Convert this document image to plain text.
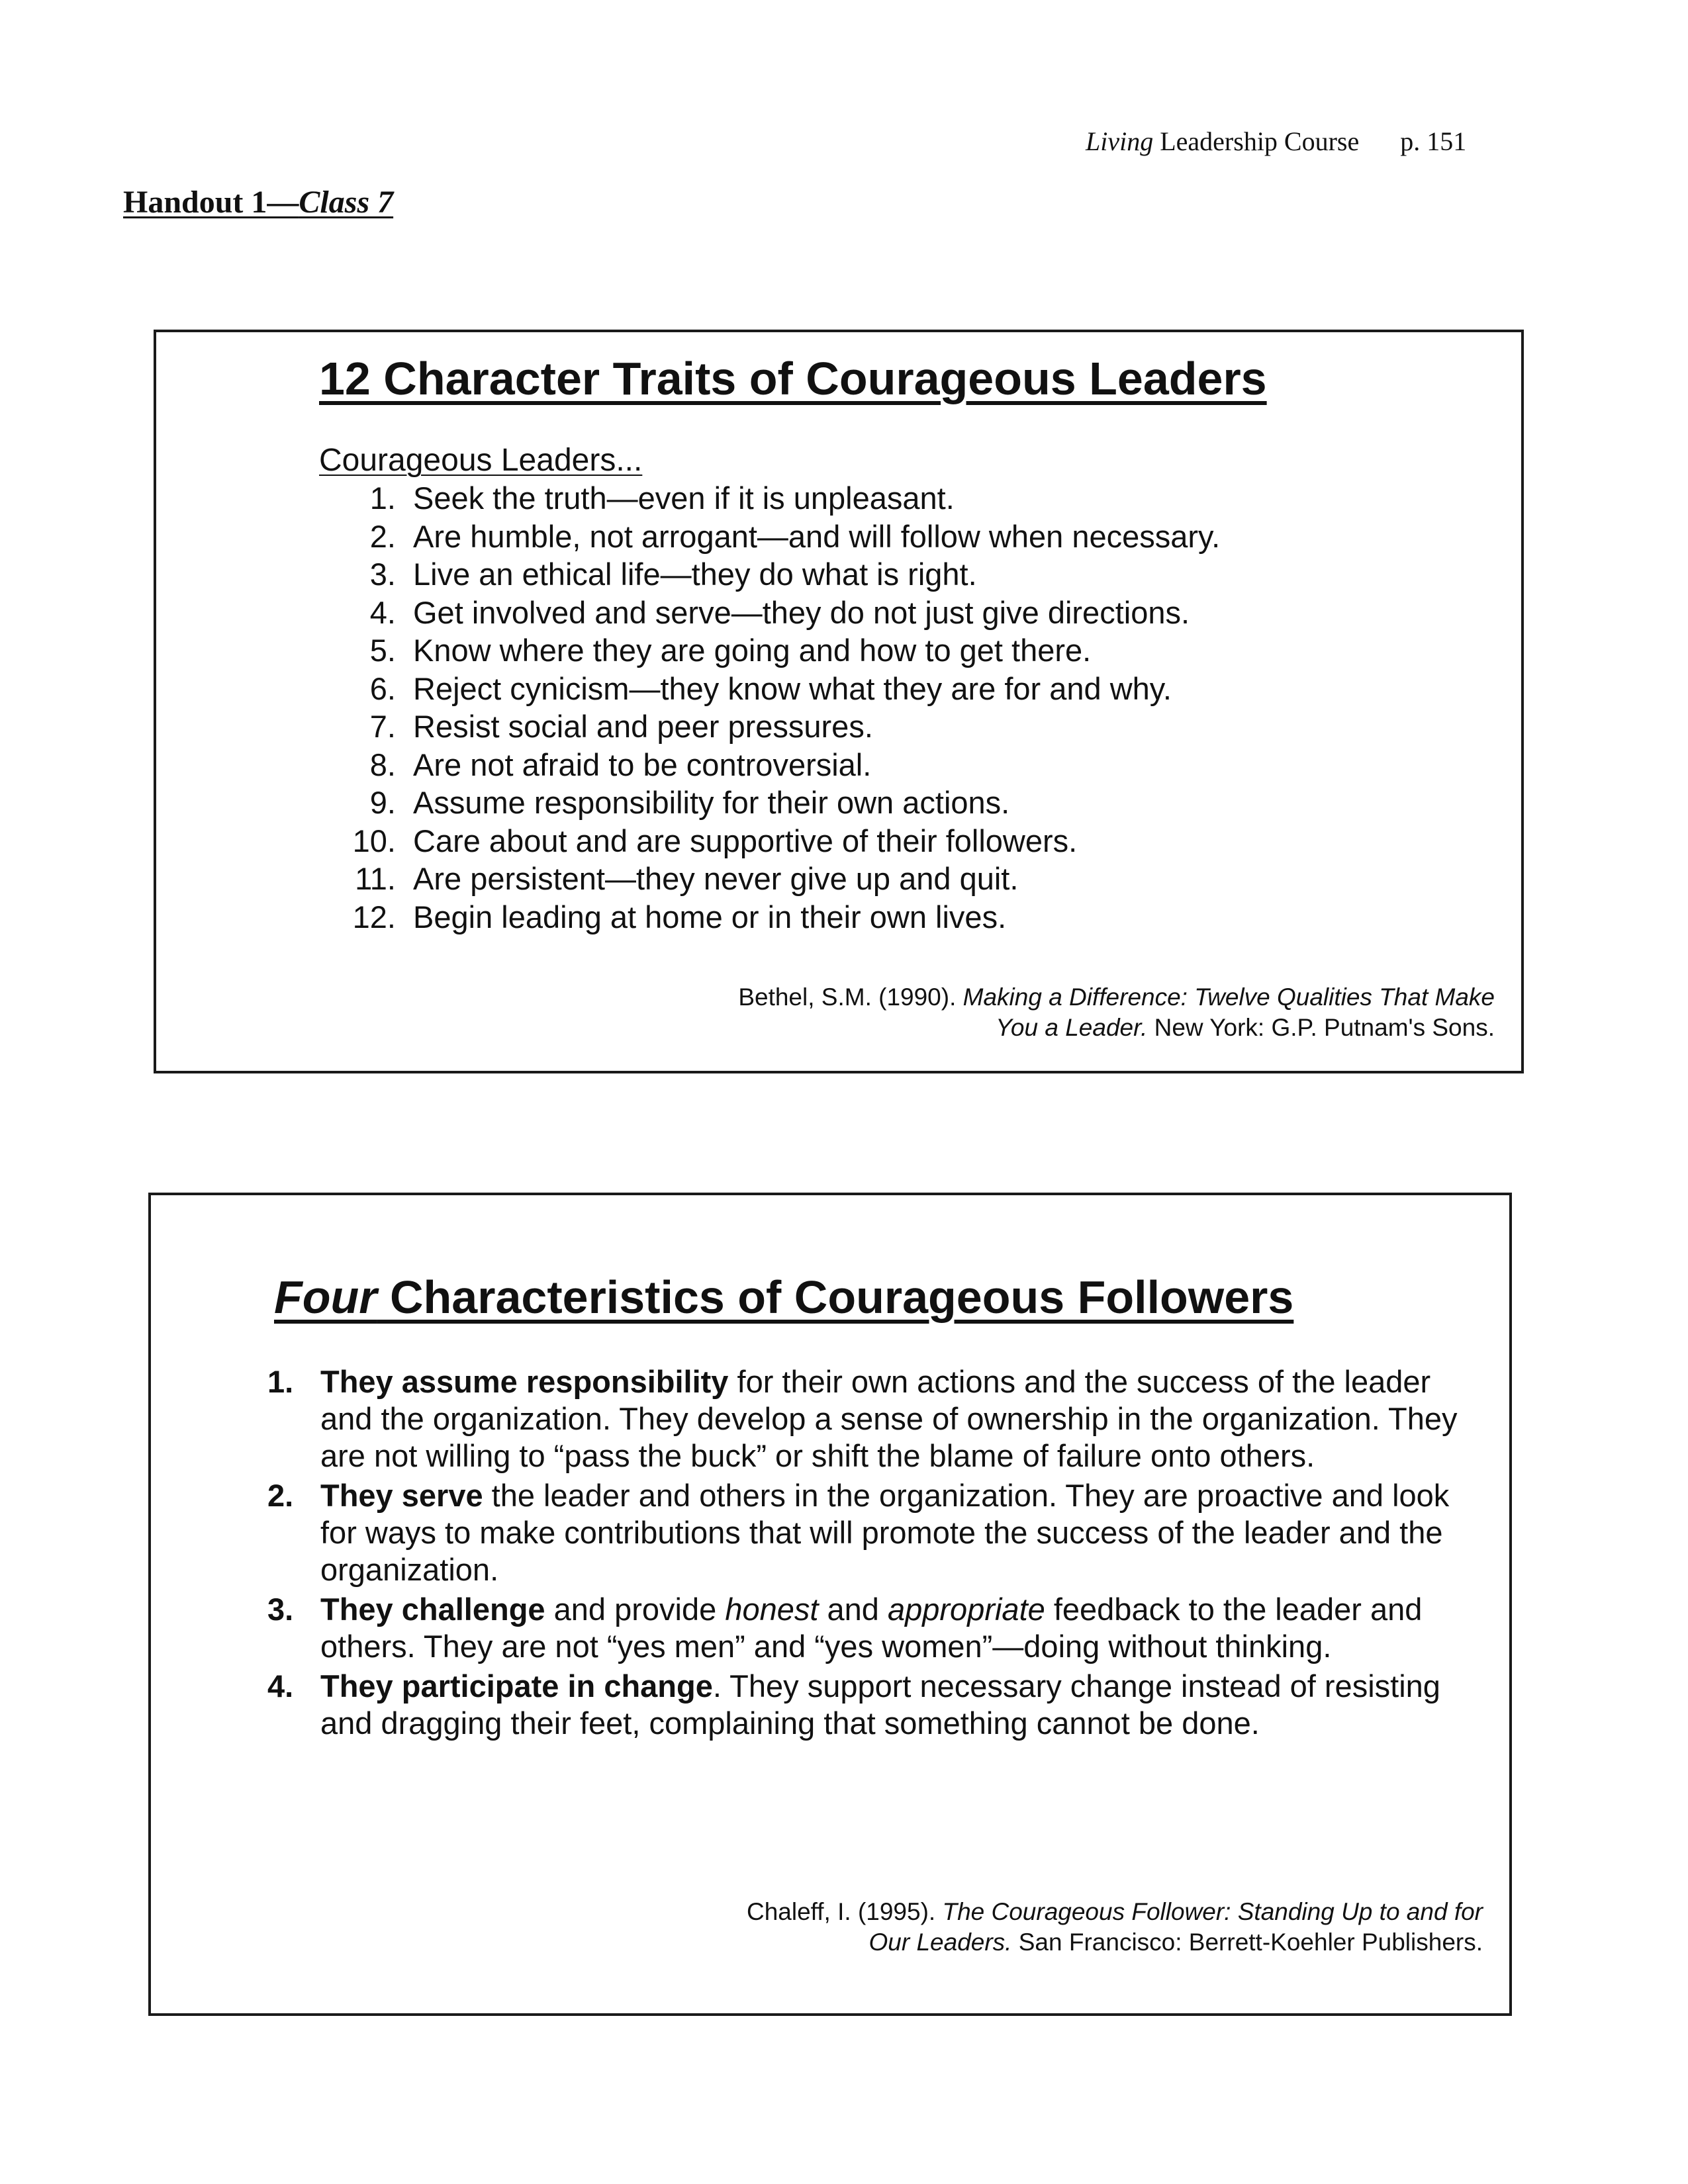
Living Leadership Course p. 151
Handout 1—Class 7
12 Character Traits of Courageous Leaders
Courageous Leaders...
1. Seek the truth—even if it is unpleasant.
2. Are humble, not arrogant—and will follow when necessary.
3. Live an ethical life—they do what is right.
4. Get involved and serve—they do not just give directions.
5. Know where they are going and how to get there.
6. Reject cynicism—they know what they are for and why.
7. Resist social and peer pressures.
8. Are not afraid to be controversial.
9. Assume responsibility for their own actions.
10. Care about and are supportive of their followers.
11. Are persistent—they never give up and quit.
12. Begin leading at home or in their own lives.
Bethel, S.M. (1990). Making a Difference: Twelve Qualities That Make
You a Leader. New York: G.P. Putnam's Sons.
Four Characteristics of Courageous Followers
1. They assume responsibility for their own actions and the success of the leader and the organization. They develop a sense of ownership in the organization. They are not willing to “pass the buck” or shift the blame of failure onto others.
2. They serve the leader and others in the organization. They are proactive and look for ways to make contributions that will promote the success of the leader and the organization.
3. They challenge and provide honest and appropriate feedback to the leader and others. They are not “yes men” and “yes women”—doing without thinking.
4. They participate in change. They support necessary change instead of resisting and dragging their feet, complaining that something cannot be done.
Chaleff, I. (1995). The Courageous Follower: Standing Up to and for
Our Leaders. San Francisco: Berrett-Koehler Publishers.
